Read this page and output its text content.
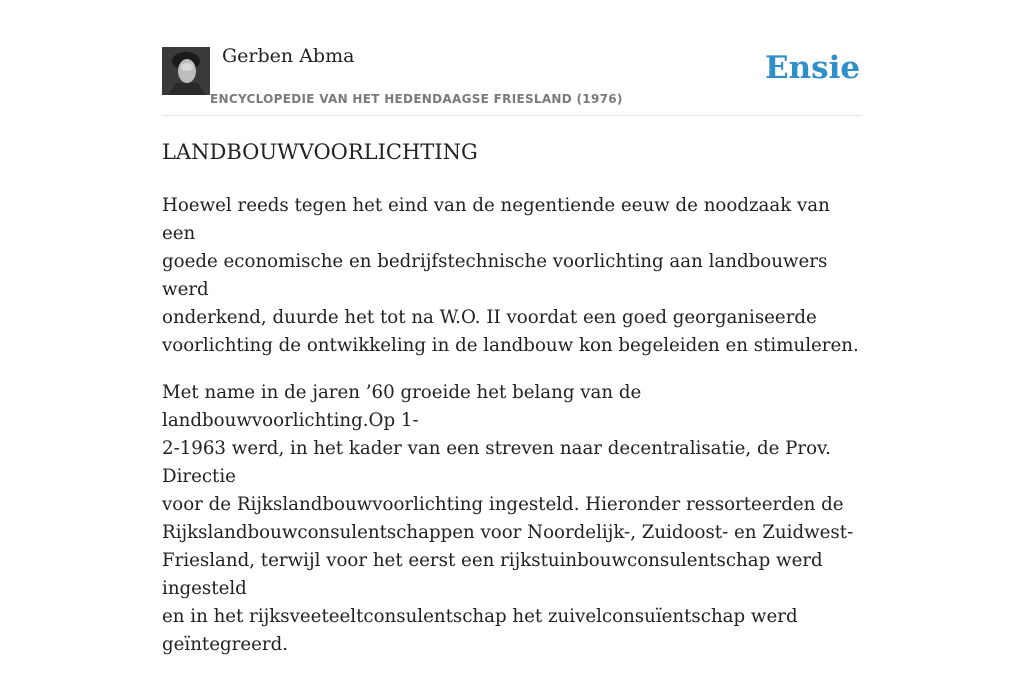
Gerben Abma
ENCYCLOPEDIE VAN HET HEDENDAAGSE FRIESLAND (1976)
Ensie
LANDBOUWVOORLICHTING

Hoewel reeds tegen het eind van de negentiende eeuw de noodzaak van een
goede economische en bedrijfstechnische voorlichting aan landbouwers werd
onderkend, duurde het tot na W.O. II voordat een goed georganiseerde
voorlichting de ontwikkeling in de landbouw kon begeleiden en stimuleren.

Met name in de jaren ’60 groeide het belang van de landbouwvoorlichting.Op 1-
2-1963 werd, in het kader van een streven naar decentralisatie, de Prov. Directie
voor de Rijkslandbouwvoorlichting ingesteld. Hieronder ressorteerden de
Rijkslandbouwconsulentschappen voor Noordelijk-, Zuidoost- en Zuidwest-
Friesland, terwijl voor het eerst een rijkstuinbouwconsulentschap werd ingesteld
en in het rijksveeteeltconsulentschap het zuivelconsuïentschap werd
geïntegreerd.
